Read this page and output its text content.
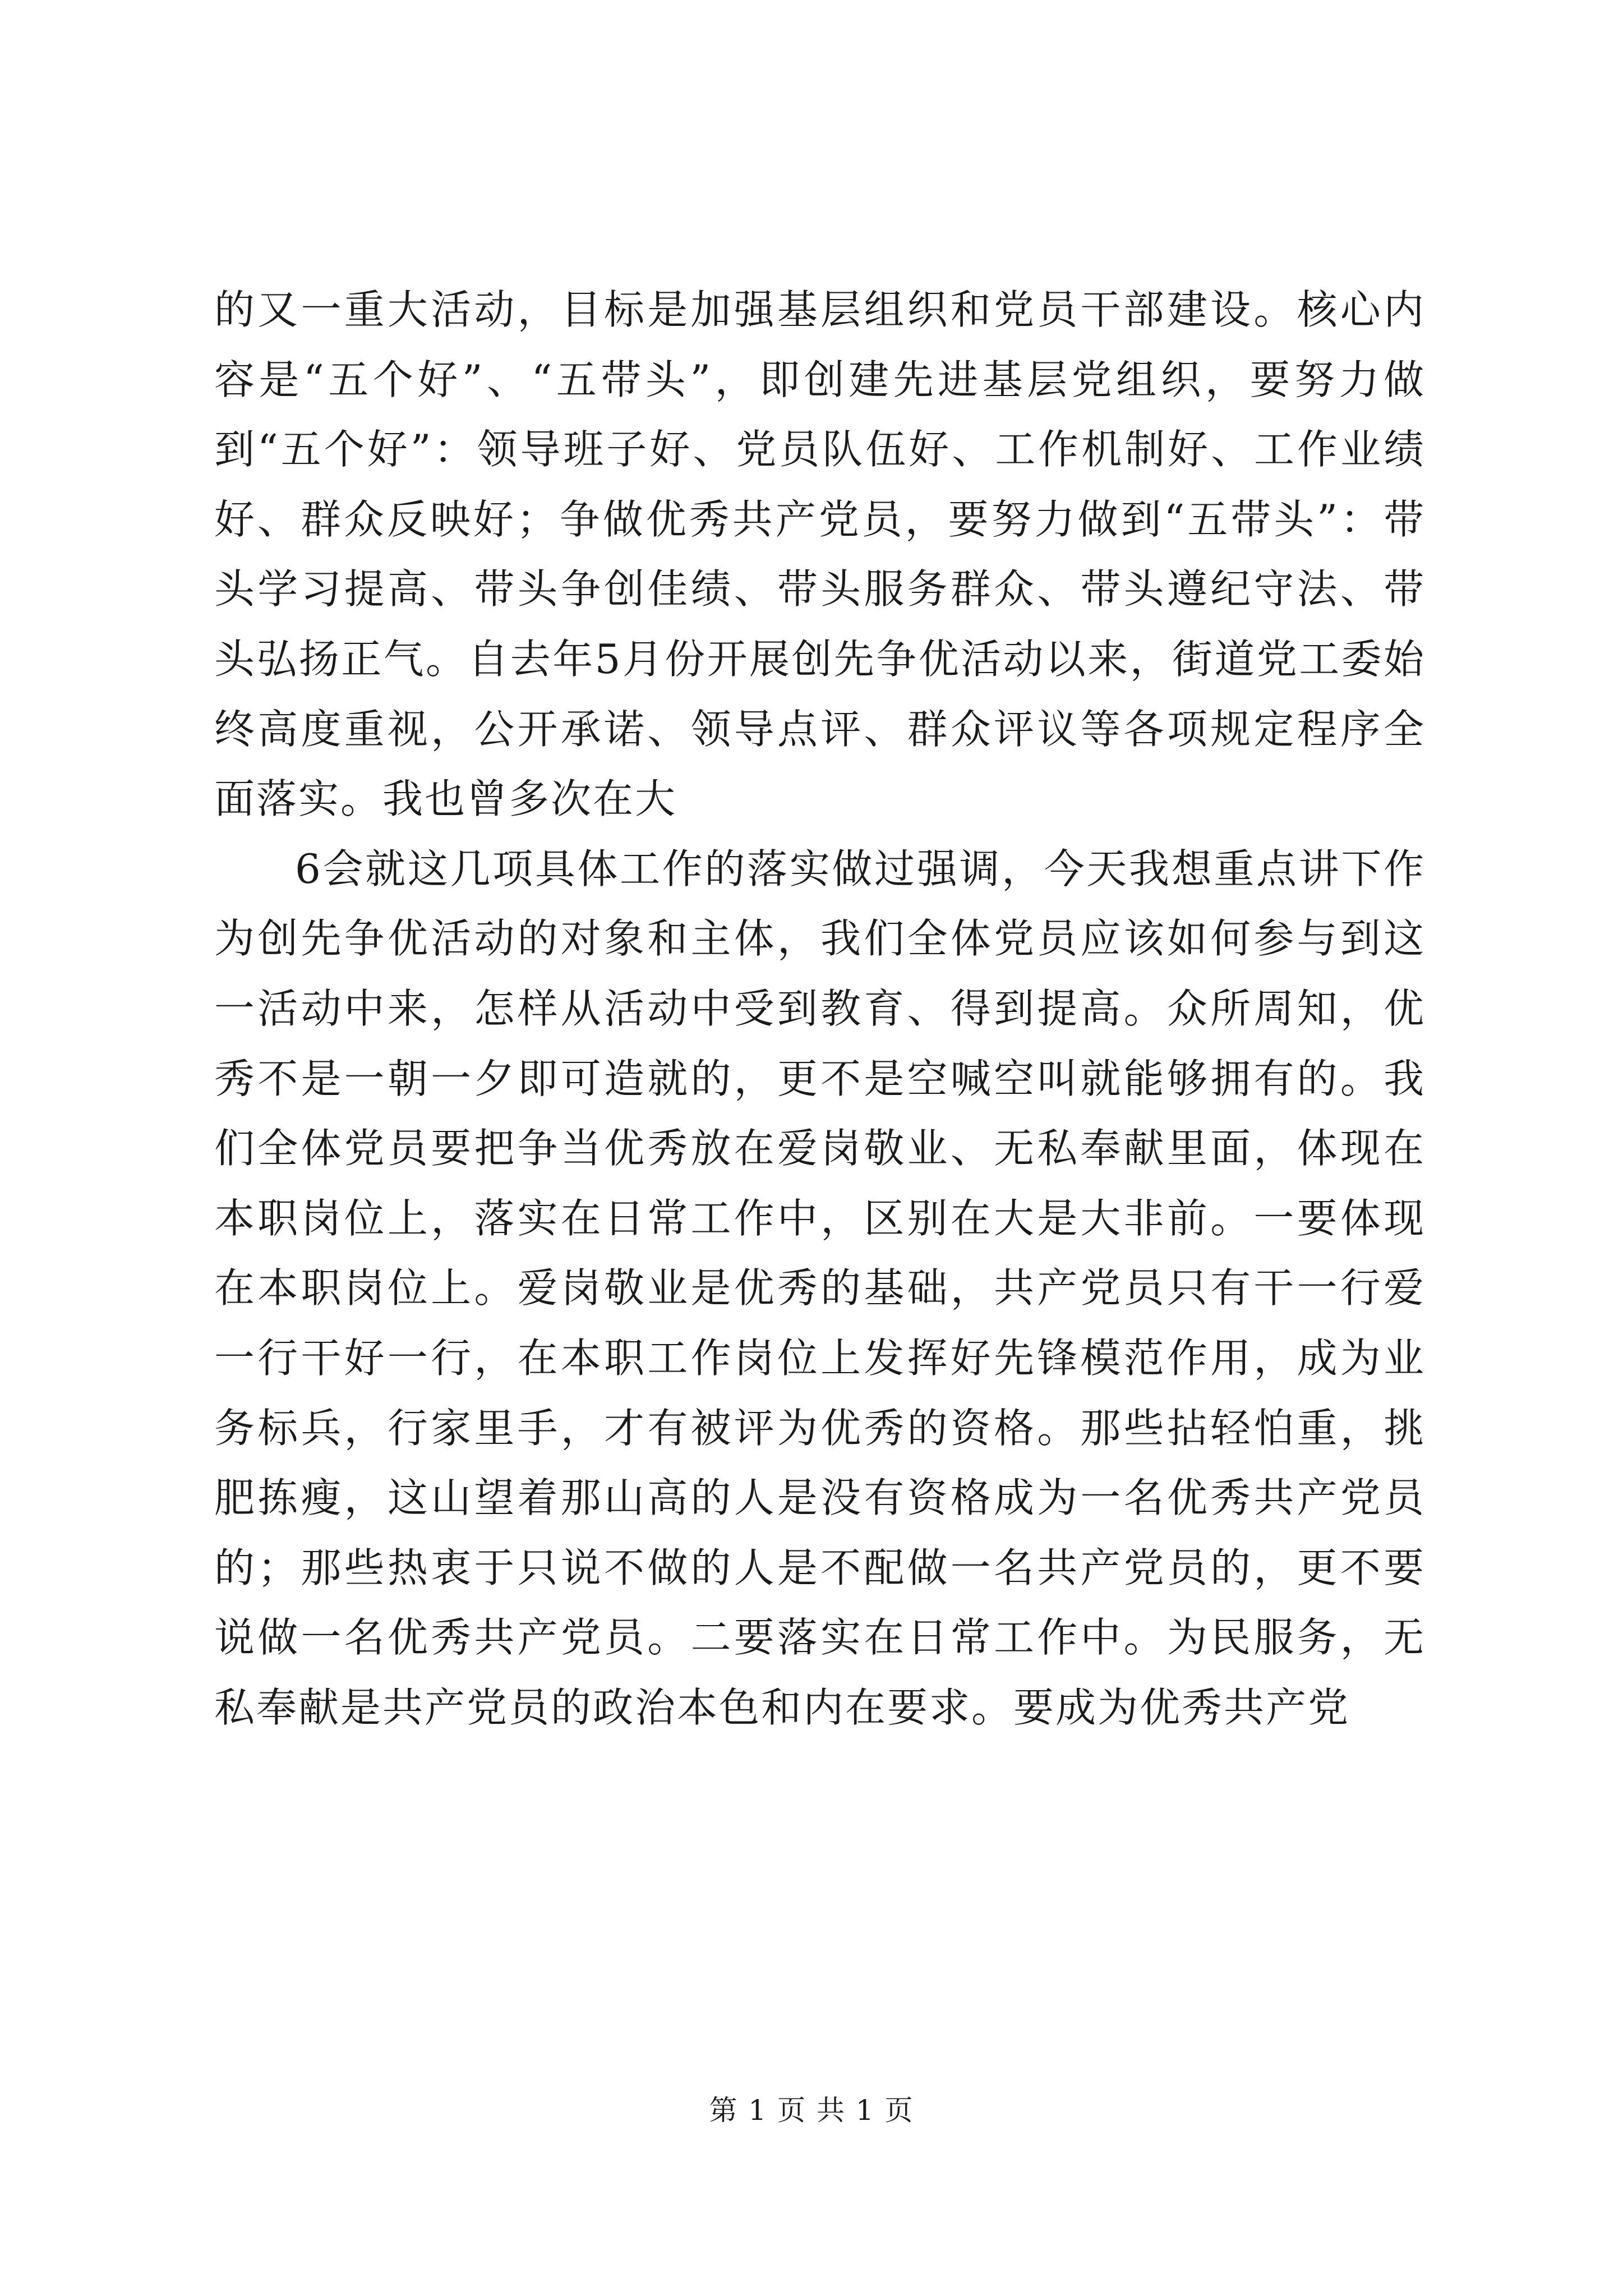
的又一重大活动，目标是加强基层组织和党员干部建设。核心内容是“五个好”、“五带头”，即创建先进基层党组织，要努力做到“五个好”：领导班子好、党员队伍好、工作机制好、工作业绩好、群众反映好；争做优秀共产党员，要努力做到“五带头”：带头学习提高、带头争创佳绩、带头服务群众、带头遵纪守法、带头弘扬正气。自去年5月份开展创先争优活动以来，街道党工委始终高度重视，公开承诺、领导点评、群众评议等各项规定程序全面落实。我也曾多次在大

6会就这几项具体工作的落实做过强调，今天我想重点讲下作为创先争优活动的对象和主体，我们全体党员应该如何参与到这一活动中来，怎样从活动中受到教育、得到提高。众所周知，优秀不是一朝一夕即可造就的，更不是空喊空叫就能够拥有的。我们全体党员要把争当优秀放在爱岗敬业、无私奉献里面，体现在本职岗位上，落实在日常工作中，区别在大是大非前。一要体现在本职岗位上。爱岗敬业是优秀的基础，共产党员只有干一行爱一行干好一行，在本职工作岗位上发挥好先锋模范作用，成为业务标兵，行家里手，才有被评为优秀的资格。那些拈轻怕重，挑肥拣瘦，这山望着那山高的人是没有资格成为一名优秀共产党员的；那些热衷于只说不做的人是不配做一名共产党员的，更不要说做一名优秀共产党员。二要落实在日常工作中。为民服务，无私奉献是共产党员的政治本色和内在要求。要成为优秀共产党

第 1 页 共 1 页
